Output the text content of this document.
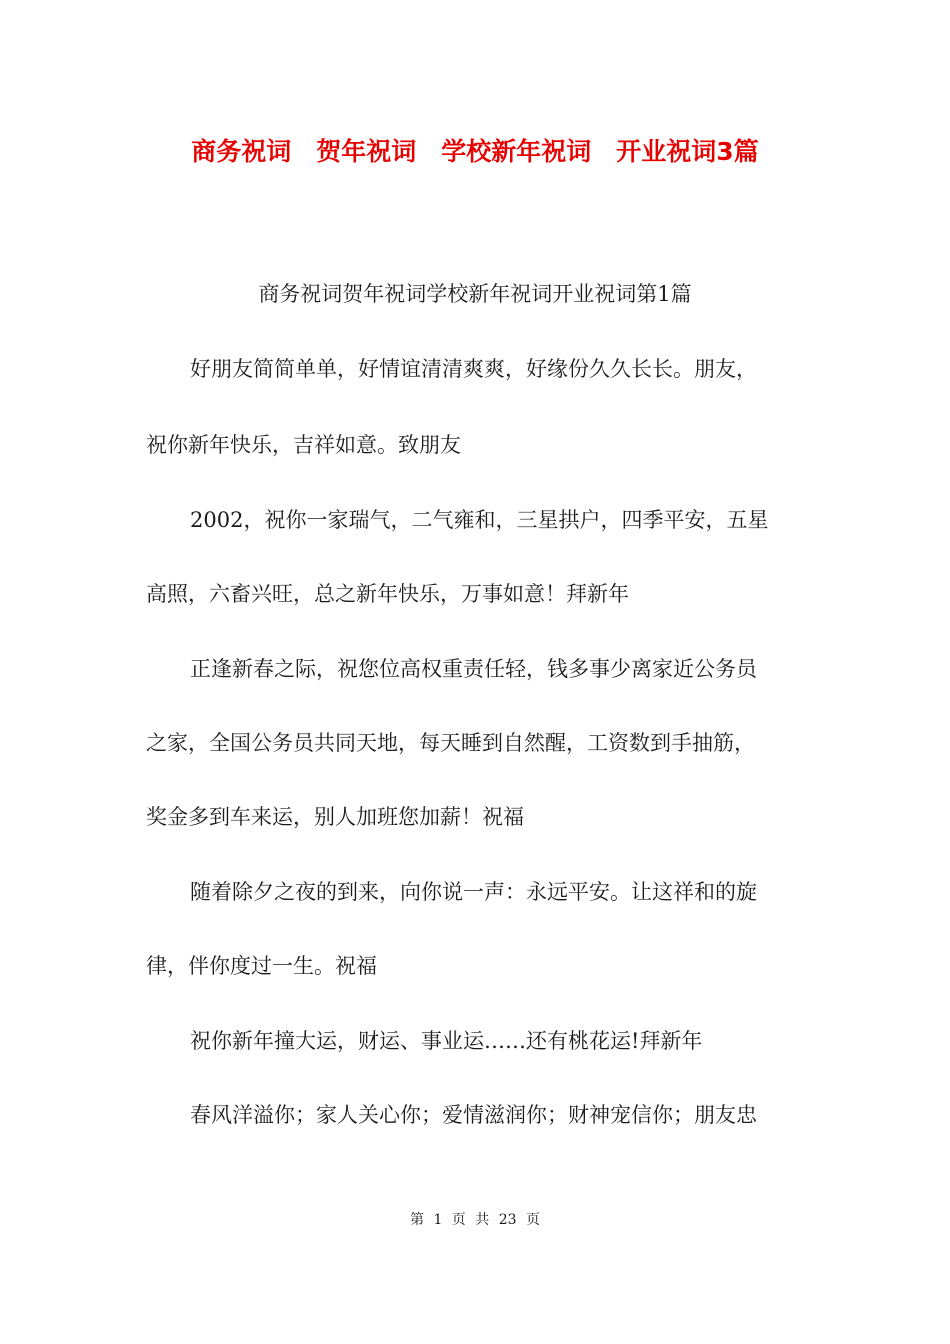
商务祝词　贺年祝词　学校新年祝词　开业祝词3篇
商务祝词贺年祝词学校新年祝词开业祝词第1篇
好朋友简简单单，好情谊清清爽爽，好缘份久久长长。朋友，
祝你新年快乐，吉祥如意。致朋友
2002，祝你一家瑞气，二气雍和，三星拱户，四季平安，五星
高照，六畜兴旺，总之新年快乐，万事如意！拜新年
正逢新春之际，祝您位高权重责任轻，钱多事少离家近公务员
之家，全国公务员共同天地，每天睡到自然醒，工资数到手抽筋，
奖金多到车来运，别人加班您加薪！祝福
随着除夕之夜的到来，向你说一声：永远平安。让这祥和的旋
律，伴你度过一生。祝福
祝你新年撞大运，财运、事业运……还有桃花运!拜新年
春风洋溢你；家人关心你；爱情滋润你；财神宠信你；朋友忠
第 1 页 共 23 页
